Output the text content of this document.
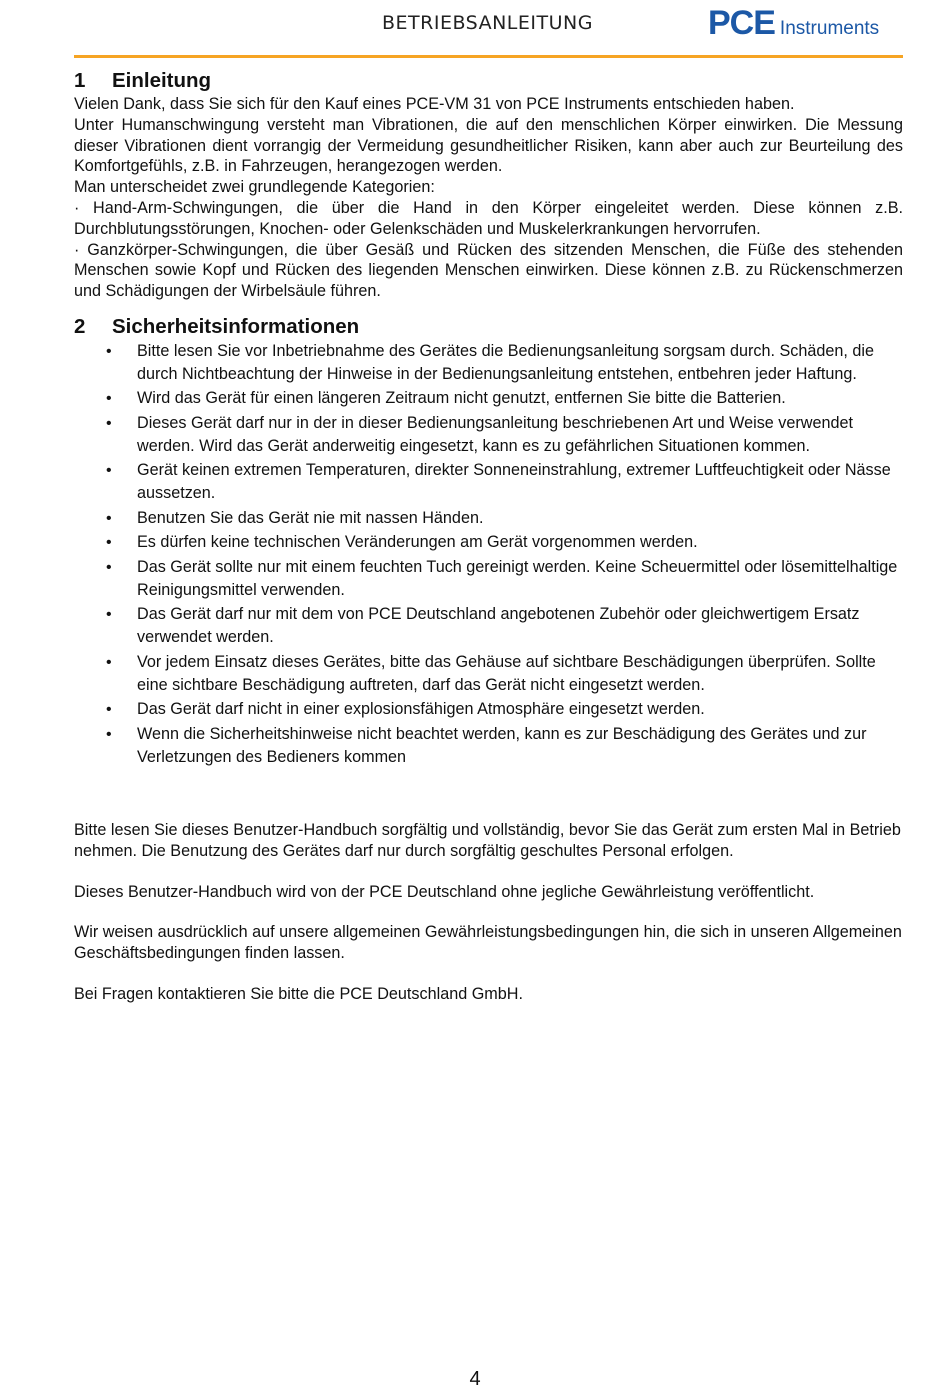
BETRIEBSANLEITUNG	PCE Instruments
1 Einleitung

Vielen Dank, dass Sie sich für den Kauf eines PCE-VM 31 von PCE Instruments entschieden haben.

Unter Humanschwingung versteht man Vibrationen, die auf den menschlichen Körper einwirken. Die Messung dieser Vibrationen dient vorrangig der Vermeidung gesundheitlicher Risiken, kann aber auch zur Beurteilung des Komfortgefühls, z.B. in Fahrzeugen, herangezogen werden.

Man unterscheidet zwei grundlegende Kategorien:

· Hand-Arm-Schwingungen, die über die Hand in den Körper eingeleitet werden. Diese können z.B. Durchblutungsstörungen, Knochen- oder Gelenkschäden und Muskelerkrankungen hervorrufen.

· Ganzkörper-Schwingungen, die über Gesäß und Rücken des sitzenden Menschen, die Füße des stehenden Menschen sowie Kopf und Rücken des liegenden Menschen einwirken. Diese können z.B. zu Rückenschmerzen und Schädigungen der Wirbelsäule führen.

2 Sicherheitsinformationen
• Bitte lesen Sie vor Inbetriebnahme des Gerätes die Bedienungsanleitung sorgsam durch. Schäden, die durch Nichtbeachtung der Hinweise in der Bedienungsanleitung entstehen, entbehren jeder Haftung.
• Wird das Gerät für einen längeren Zeitraum nicht genutzt, entfernen Sie bitte die Batterien.
• Dieses Gerät darf nur in der in dieser Bedienungsanleitung beschriebenen Art und Weise verwendet werden. Wird das Gerät anderweitig eingesetzt, kann es zu gefährlichen Situationen kommen.
• Gerät keinen extremen Temperaturen, direkter Sonneneinstrahlung, extremer Luftfeuchtigkeit oder Nässe aussetzen.
• Benutzen Sie das Gerät nie mit nassen Händen.
• Es dürfen keine technischen Veränderungen am Gerät vorgenommen werden.
• Das Gerät sollte nur mit einem feuchten Tuch gereinigt werden. Keine Scheuermittel oder lösemittelhaltige Reinigungsmittel verwenden.
• Das Gerät darf nur mit dem von PCE Deutschland angebotenen Zubehör oder gleichwertigem Ersatz verwendet werden.
• Vor jedem Einsatz dieses Gerätes, bitte das Gehäuse auf sichtbare Beschädigungen überprüfen. Sollte eine sichtbare Beschädigung auftreten, darf das Gerät nicht eingesetzt werden.
• Das Gerät darf nicht in einer explosionsfähigen Atmosphäre eingesetzt werden.
• Wenn die Sicherheitshinweise nicht beachtet werden, kann es zur Beschädigung des Gerätes und zur Verletzungen des Bedieners kommen

Bitte lesen Sie dieses Benutzer-Handbuch sorgfältig und vollständig, bevor Sie das Gerät zum ersten Mal in Betrieb nehmen. Die Benutzung des Gerätes darf nur durch sorgfältig geschultes Personal erfolgen.

Dieses Benutzer-Handbuch wird von der PCE Deutschland ohne jegliche Gewährleistung veröffentlicht.

Wir weisen ausdrücklich auf unsere allgemeinen Gewährleistungsbedingungen hin, die sich in unseren Allgemeinen Geschäftsbedingungen finden lassen.

Bei Fragen kontaktieren Sie bitte die PCE Deutschland GmbH.

4
